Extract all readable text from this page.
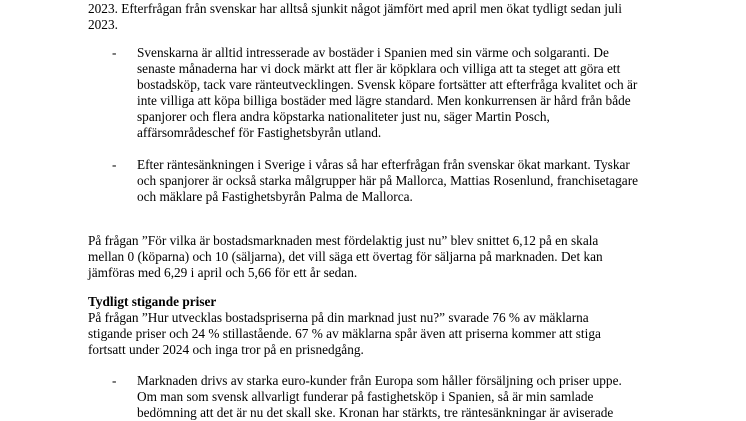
2023. Efterfrågan från svenskar har alltså sjunkit något jämfört med april men ökat tydligt sedan juli
2023.

-	Svenskarna är alltid intresserade av bostäder i Spanien med sin värme och solgaranti. De
senaste månaderna har vi dock märkt att fler är köpklara och villiga att ta steget att göra ett
bostadsköp, tack vare ränteutvecklingen. Svensk köpare fortsätter att efterfråga kvalitet och är
inte villiga att köpa billiga bostäder med lägre standard. Men konkurrensen är hård från både
spanjorer och flera andra köpstarka nationaliteter just nu, säger Martin Posch,
affärsområdeschef för Fastighetsbyrån utland.

-	Efter räntesänkningen i Sverige i våras så har efterfrågan från svenskar ökat markant. Tyskar
och spanjorer är också starka målgrupper här på Mallorca, Mattias Rosenlund, franchisetagare
och mäklare på Fastighetsbyrån Palma de Mallorca.

På frågan ”För vilka är bostadsmarknaden mest fördelaktig just nu” blev snittet 6,12 på en skala
mellan 0 (köparna) och 10 (säljarna), det vill säga ett övertag för säljarna på marknaden. Det kan
jämföras med 6,29 i april och 5,66 för ett år sedan.

Tydligt stigande priser

På frågan ”Hur utvecklas bostadspriserna på din marknad just nu?” svarade 76 % av mäklarna
stigande priser och 24 % stillastående. 67 % av mäklarna spår även att priserna kommer att stiga
fortsatt under 2024 och inga tror på en prisnedgång.

-	Marknaden drivs av starka euro-kunder från Europa som håller försäljning och priser uppe.
Om man som svensk allvarligt funderar på fastighetsköp i Spanien, så är min samlade
bedömning att det är nu det skall ske. Kronan har stärkts, tre räntesänkningar är aviserade
